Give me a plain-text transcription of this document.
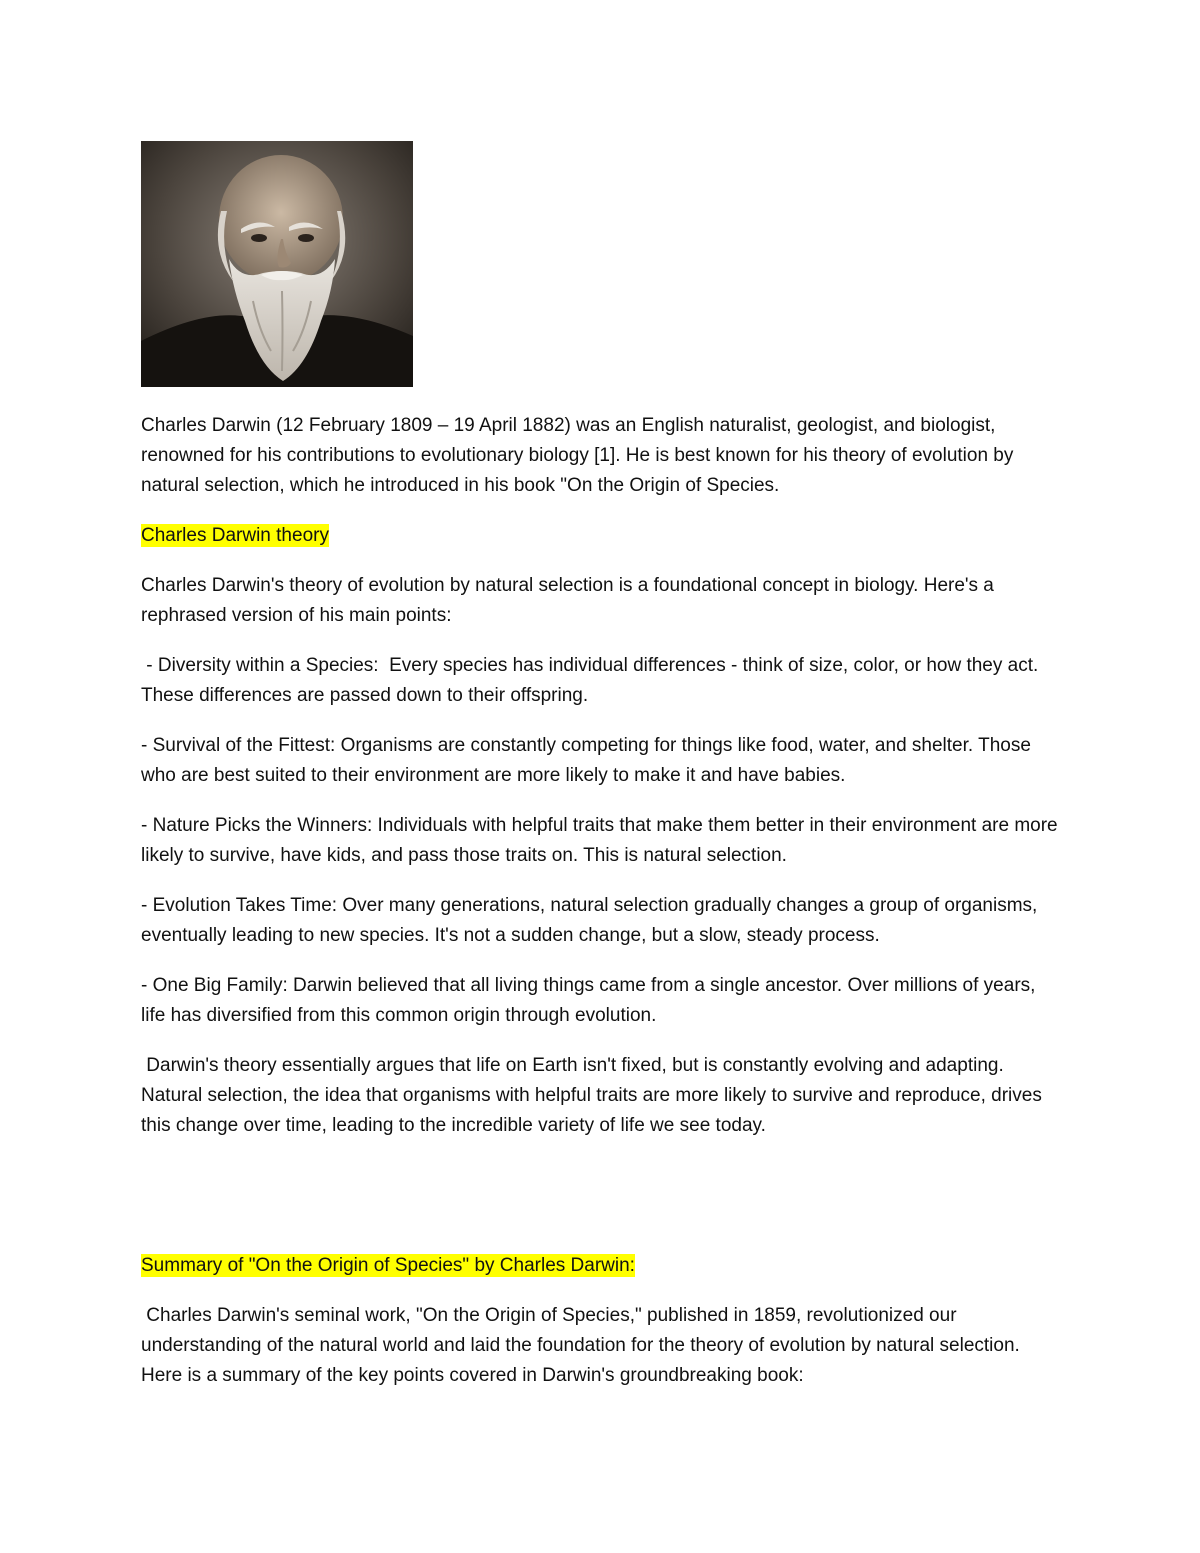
Charles Darwin (12 February 1809 – 19 April 1882) was an English naturalist, geologist, and biologist, renowned for his contributions to evolutionary biology [1]. He is best known for his theory of evolution by natural selection, which he introduced in his book "On the Origin of Species.

Charles Darwin theory

Charles Darwin's theory of evolution by natural selection is a foundational concept in biology. Here's a rephrased version of his main points:

- Diversity within a Species:  Every species has individual differences - think of size, color, or how they act.  These differences are passed down to their offspring.

- Survival of the Fittest: Organisms are constantly competing for things like food, water, and shelter. Those who are best suited to their environment are more likely to make it and have babies.

- Nature Picks the Winners: Individuals with helpful traits that make them better in their environment are more likely to survive, have kids, and pass those traits on. This is natural selection.

- Evolution Takes Time: Over many generations, natural selection gradually changes a group of organisms, eventually leading to new species. It's not a sudden change, but a slow, steady process.

- One Big Family: Darwin believed that all living things came from a single ancestor. Over millions of years, life has diversified from this common origin through evolution.

Darwin's theory essentially argues that life on Earth isn't fixed, but is constantly evolving and adapting.  Natural selection, the idea that organisms with helpful traits are more likely to survive and reproduce, drives this change over time, leading to the incredible variety of life we see today.

Summary of "On the Origin of Species" by Charles Darwin:

Charles Darwin's seminal work, "On the Origin of Species," published in 1859, revolutionized our understanding of the natural world and laid the foundation for the theory of evolution by natural selection. Here is a summary of the key points covered in Darwin's groundbreaking book:
